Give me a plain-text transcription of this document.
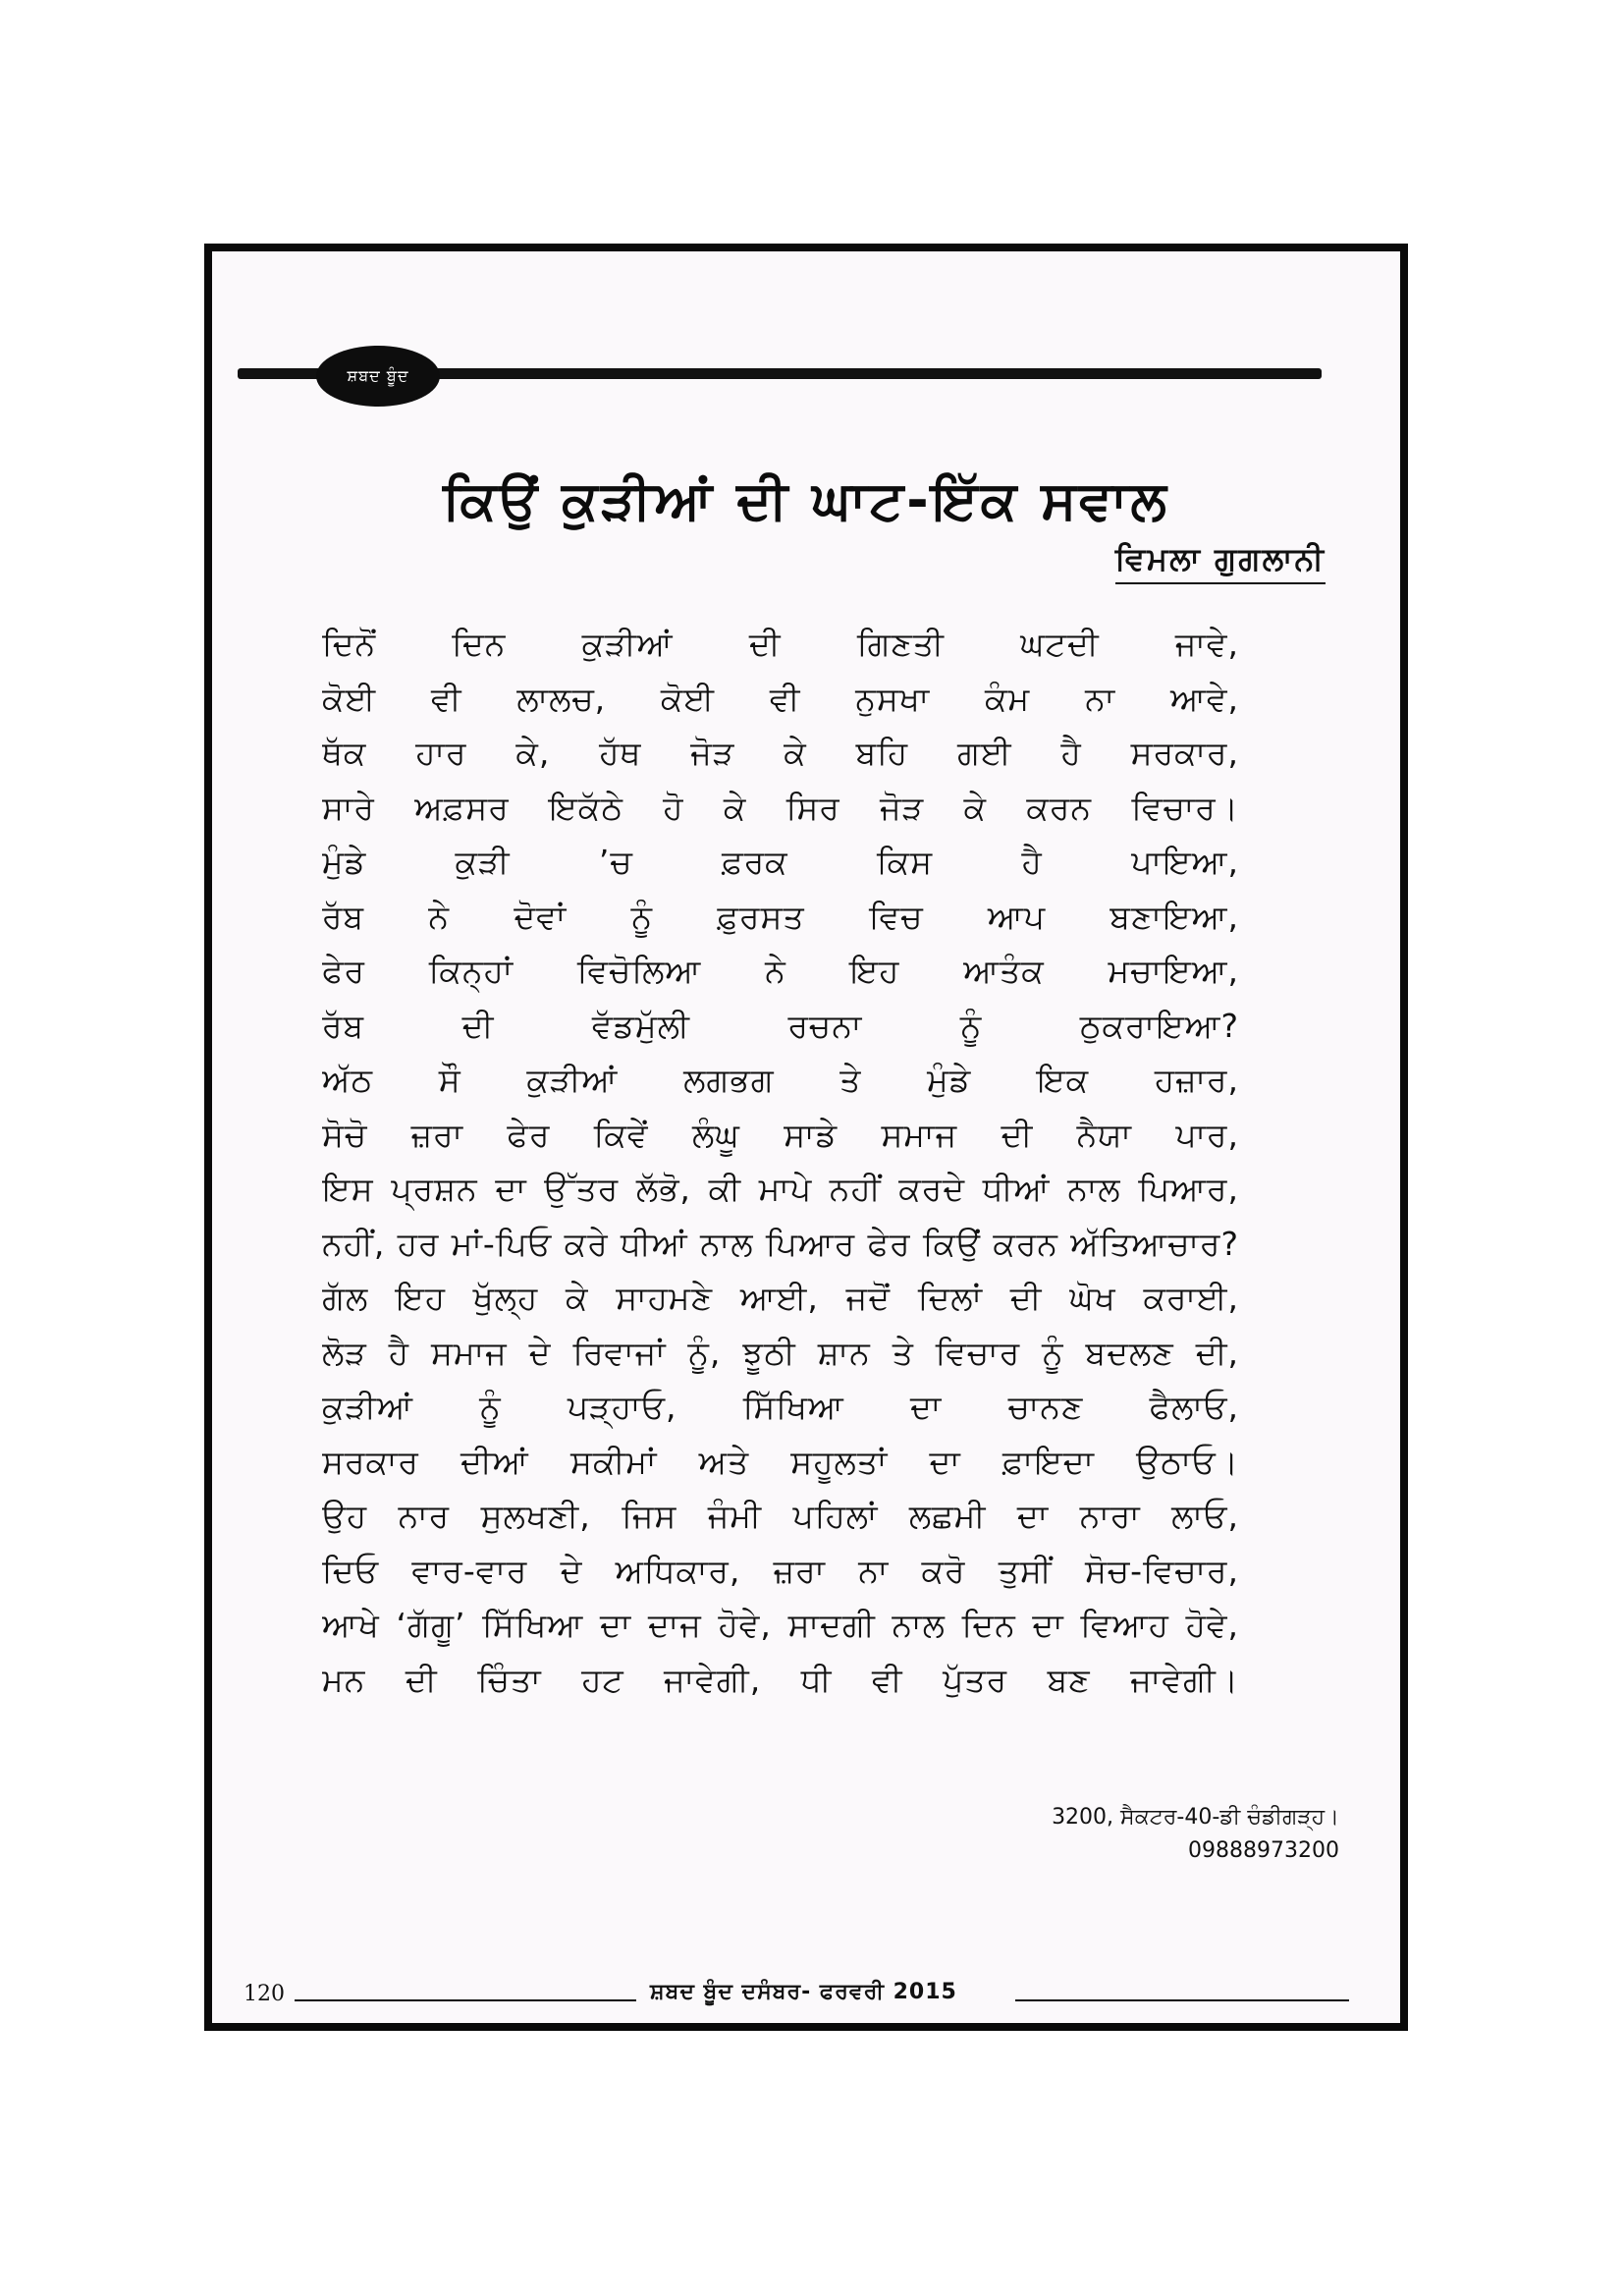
ਸ਼ਬਦ ਬੂੰਦ
ਕਿਉਂ ਕੁੜੀਆਂ ਦੀ ਘਾਟ-ਇੱਕ ਸਵਾਲ
ਵਿਮਲਾ ਗੁਗਲਾਨੀ
ਦਿਨੋਂ ਦਿਨ ਕੁੜੀਆਂ ਦੀ ਗਿਣਤੀ ਘਟਦੀ ਜਾਵੇ,
ਕੋਈ ਵੀ ਲਾਲਚ, ਕੋਈ ਵੀ ਨੁਸਖਾ ਕੰਮ ਨਾ ਆਵੇ,
ਥੱਕ ਹਾਰ ਕੇ, ਹੱਥ ਜੋੜ ਕੇ ਬਹਿ ਗਈ ਹੈ ਸਰਕਾਰ,
ਸਾਰੇ ਅਫ਼ਸਰ ਇਕੱਠੇ ਹੋ ਕੇ ਸਿਰ ਜੋੜ ਕੇ ਕਰਨ ਵਿਚਾਰ।
ਮੁੰਡੇ ਕੁੜੀ ’ਚ ਫ਼ਰਕ ਕਿਸ ਹੈ ਪਾਇਆ,
ਰੱਬ ਨੇ ਦੋਵਾਂ ਨੂੰ ਫ਼ੁਰਸਤ ਵਿਚ ਆਪ ਬਣਾਇਆ,
ਫੇਰ ਕਿਨ੍ਹਾਂ ਵਿਚੋਲਿਆ ਨੇ ਇਹ ਆਤੰਕ ਮਚਾਇਆ,
ਰੱਬ ਦੀ ਵੱਡਮੁੱਲੀ ਰਚਨਾ ਨੂੰ ਠੁਕਰਾਇਆ?
ਅੱਠ ਸੌ ਕੁੜੀਆਂ ਲਗਭਗ ਤੇ ਮੁੰਡੇ ਇਕ ਹਜ਼ਾਰ,
ਸੋਚੋ ਜ਼ਰਾ ਫੇਰ ਕਿਵੇਂ ਲੰਘੂ ਸਾਡੇ ਸਮਾਜ ਦੀ ਨੈਯਾ ਪਾਰ,
ਇਸ ਪ੍ਰਸ਼ਨ ਦਾ ਉੱਤਰ ਲੱਭੋ, ਕੀ ਮਾਪੇ ਨਹੀਂ ਕਰਦੇ ਧੀਆਂ ਨਾਲ ਪਿਆਰ,
ਨਹੀਂ, ਹਰ ਮਾਂ-ਪਿਓ ਕਰੇ ਧੀਆਂ ਨਾਲ ਪਿਆਰ ਫੇਰ ਕਿਉਂ ਕਰਨ ਅੱਤਿਆਚਾਰ?
ਗੱਲ ਇਹ ਖੁੱਲ੍ਹ ਕੇ ਸਾਹਮਣੇ ਆਈ, ਜਦੋਂ ਦਿਲਾਂ ਦੀ ਘੋਖ ਕਰਾਈ,
ਲੋੜ ਹੈ ਸਮਾਜ ਦੇ ਰਿਵਾਜਾਂ ਨੂੰ, ਝੂਠੀ ਸ਼ਾਨ ਤੇ ਵਿਚਾਰ ਨੂੰ ਬਦਲਣ ਦੀ,
ਕੁੜੀਆਂ ਨੂੰ ਪੜ੍ਹਾਓ, ਸਿੱਖਿਆ ਦਾ ਚਾਨਣ ਫੈਲਾਓ,
ਸਰਕਾਰ ਦੀਆਂ ਸਕੀਮਾਂ ਅਤੇ ਸਹੂਲਤਾਂ ਦਾ ਫ਼ਾਇਦਾ ਉਠਾਓ।
ਉਹ ਨਾਰ ਸੁਲਖਣੀ, ਜਿਸ ਜੰਮੀ ਪਹਿਲਾਂ ਲਛਮੀ ਦਾ ਨਾਰਾ ਲਾਓ,
ਦਿਓ ਵਾਰ-ਵਾਰ ਦੇ ਅਧਿਕਾਰ, ਜ਼ਰਾ ਨਾ ਕਰੋ ਤੁਸੀਂ ਸੋਚ-ਵਿਚਾਰ,
ਆਖੇ ‘ਗੱਗੂ’ ਸਿੱਖਿਆ ਦਾ ਦਾਜ ਹੋਵੇ, ਸਾਦਗੀ ਨਾਲ ਦਿਨ ਦਾ ਵਿਆਹ ਹੋਵੇ,
ਮਨ ਦੀ ਚਿੰਤਾ ਹਟ ਜਾਵੇਗੀ, ਧੀ ਵੀ ਪੁੱਤਰ ਬਣ ਜਾਵੇਗੀ।
3200, ਸੈਕਟਰ-40-ਡੀ ਚੰਡੀਗੜ੍ਹ।
09888973200
120	ਸ਼ਬਦ ਬੂੰਦ ਦਸੰਬਰ- ਫਰਵਰੀ 2015
